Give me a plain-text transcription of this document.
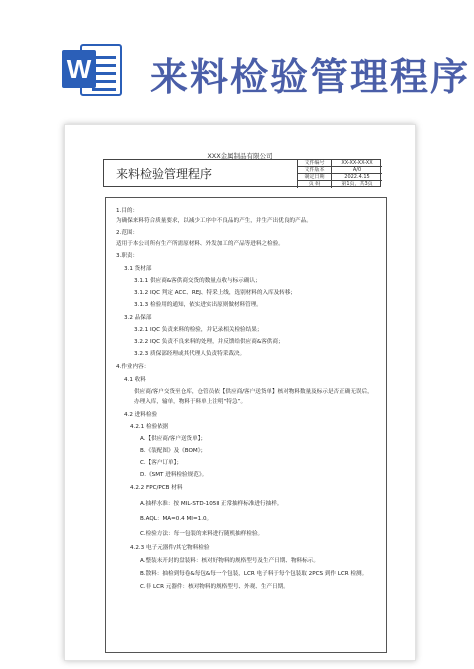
W 来料检验管理程序
XXX金属制品有限公司
来料检验管理程序
文件编号	XX-XX-XX-XX
文件版本	A/0
制定日期	2022.4.15
页 码	第1页，共3页
1.目的：
为确保来料符合质量要求，以减少工序中不良品的产生，并生产出优良的产品。
2.范围：
适用于本公司所有生产所需原材料、外发加工的产品等进料之检验。
3.职责：
3.1 货材部
3.1.1 供应商&客供商交货的数量点收与标示确认；
3.1.2 IQC 判定 ACC、REJ、特采上线，选别材料的入库及转移；
3.1.3 检验用的通知，依实进实出原则做材料管理。
3.2 品保部
3.2.1 IQC 负责来料的检验，并记录相关检验结果；
3.2.2 IQC 负责不良来料的处理，并反馈给供应商&客供商；
3.2.3 质保部经理或其代理人负责特采裁决。
4.作业内容：
4.1 收料
供应商/客户交货至仓库，仓管员依【供应商/客户送货单】核对物料数量及标示是否正确无误后，
办理入库，输单，物料于料单上注明“特急”。
4.2 进料检验
4.2.1 检验依据
A.【供应商/客户送货单】；
B.《装配图》及《BOM》；
C.【客户订单】；
D.《SMT 进料检验规范》。
4.2.2 FPC/PCB 材料
A.抽样水准：按 MIL-STD-105Ⅱ 正常抽样标准进行抽样。
B.AQL：MA=0.4 MI=1.0。
C.检验方法：每一包装的来料进行随机抽样检验。
4.2.3 电子元器件/其它物料检验
A.整装未开封的盘装料：核对好物料的规格型号及生产日期、物料标示。
B.散料：抽检到每卷&每包&每一个包装，LCR 电子料于每个包装取 2PCS 到作 LCR 检测。
C.非 LCR 元器件：核对物料的规格型号、外观、生产日期。
